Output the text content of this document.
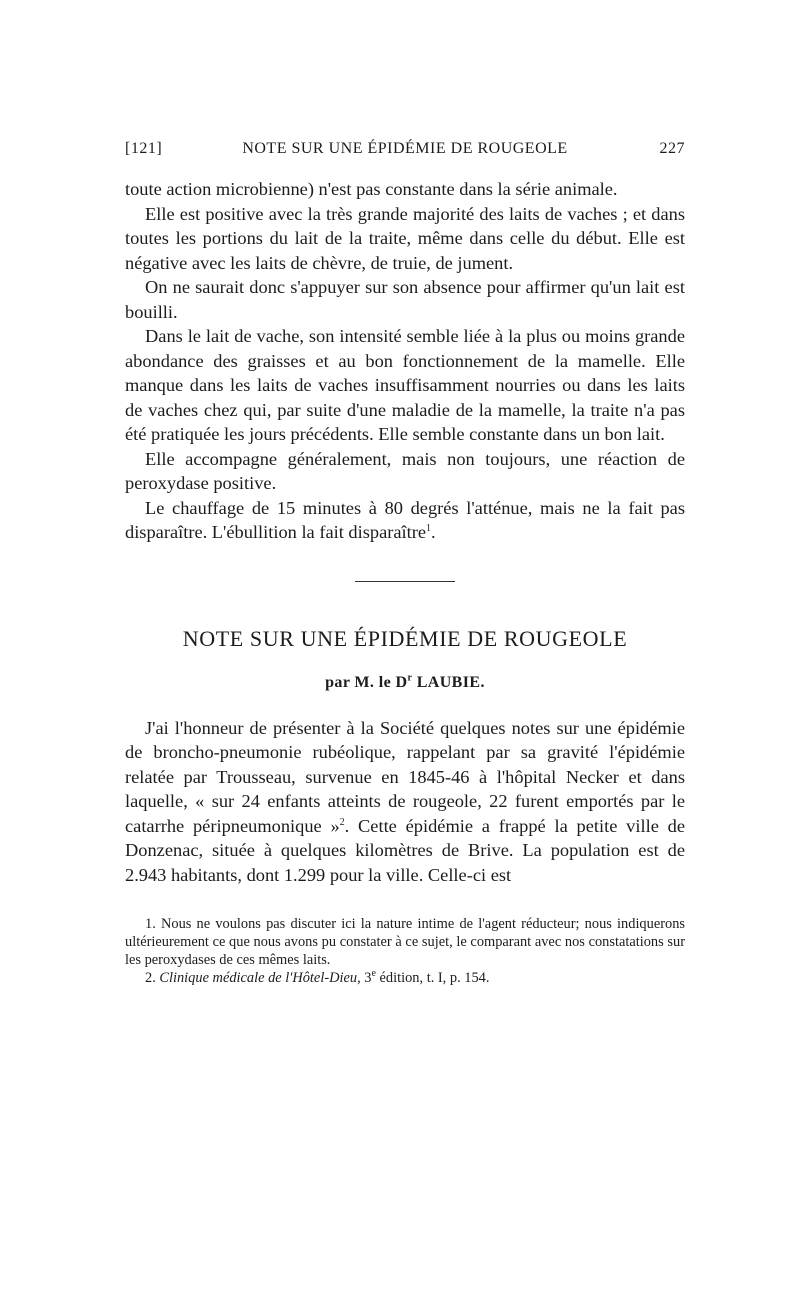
[121]	NOTE SUR UNE ÉPIDÉMIE DE ROUGEOLE	227

toute action microbienne) n'est pas constante dans la série animale.

Elle est positive avec la très grande majorité des laits de vaches ; et dans toutes les portions du lait de la traite, même dans celle du début. Elle est négative avec les laits de chèvre, de truie, de jument.

On ne saurait donc s'appuyer sur son absence pour affirmer qu'un lait est bouilli.

Dans le lait de vache, son intensité semble liée à la plus ou moins grande abondance des graisses et au bon fonctionnement de la mamelle. Elle manque dans les laits de vaches insuffisamment nourries ou dans les laits de vaches chez qui, par suite d'une maladie de la mamelle, la traite n'a pas été pratiquée les jours précédents. Elle semble constante dans un bon lait.

Elle accompagne généralement, mais non toujours, une réaction de peroxydase positive.

Le chauffage de 15 minutes à 80 degrés l'atténue, mais ne la fait pas disparaître. L'ébullition la fait disparaître$^1$.

NOTE SUR UNE ÉPIDÉMIE DE ROUGEOLE
par M. le $D^r$ LAUBIE.

J'ai l'honneur de présenter à la Société quelques notes sur une épidémie de broncho-pneumonie rubéolique, rappelant par sa gravité l'épidémie relatée par Trousseau, survenue en 1845-46 à l'hôpital Necker et dans laquelle, « sur 24 enfants atteints de rougeole, 22 furent emportés par le catarrhe péripneumonique »$^2$. Cette épidémie a frappé la petite ville de Donzenac, située à quelques kilomètres de Brive. La population est de 2.943 habitants, dont 1.299 pour la ville. Celle-ci est

1. Nous ne voulons pas discuter ici la nature intime de l'agent réducteur; nous indiquerons ultérieurement ce que nous avons pu constater à ce sujet, le comparant avec nos constatations sur les peroxydases de ces mêmes laits.

2. Clinique médicale de l'Hôtel-Dieu, 3e édition, t. I, p. 154.
